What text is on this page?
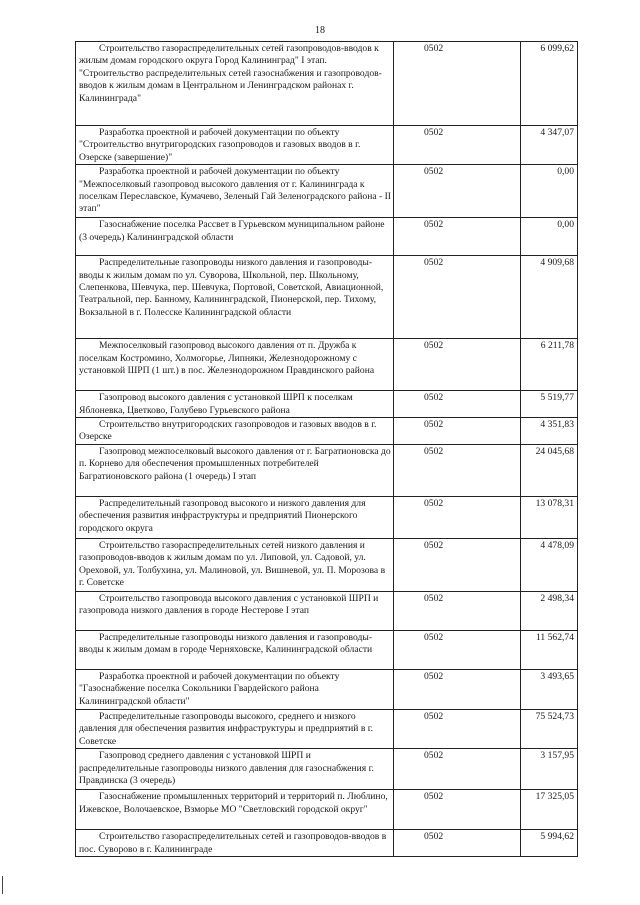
18
Строительство газораспределительных сетей газопроводов-вводов к жилым домам городского округа Город Калининград" I этап. "Строительство распределительных сетей газоснабжения и газопроводов-вводов к жилым домам в Центральном и Ленинградском районах г. Калининграда"	0502	6 099,62
Разработка проектной и рабочей документации по объекту "Строительство внутригородских газопроводов и газовых вводов в г. Озерске (завершение)"	0502	4 347,07
Разработка проектной и рабочей документации по объекту "Межпоселковый газопровод высокого давления от г. Калининграда к поселкам Переславское, Кумачево, Зеленый Гай Зеленоградского района - II этап"	0502	0,00
Газоснабжение поселка Рассвет в Гурьевском муниципальном районе (3 очередь) Калининградской области	0502	0,00
Распределительные газопроводы низкого давления и газопроводы-вводы к жилым домам по ул. Суворова, Школьной, пер. Школьному, Слепенкова, Шевчука, пер. Шевчука, Портовой, Советской, Авиационной, Театральной, пер. Банному, Калининградской, Пионерской, пер. Тихому, Вокзальной в г. Полесске Калининградской области	0502	4 909,68
Межпоселковый газопровод высокого давления от п. Дружба к поселкам Костромино, Холмогорье, Липняки, Железнодорожному с установкой ШРП (1 шт.) в пос. Железнодорожном Правдинского района	0502	6 211,78
Газопровод высокого давления с установкой ШРП к поселкам Яблоневка, Цветково, Голубево Гурьевского района	0502	5 519,77
Строительство внутригородских газопроводов и газовых вводов в г. Озерске	0502	4 351,83
Газопровод межпоселковый высокого давления от г. Багратионовска до п. Корнево для обеспечения промышленных потребителей Багратионовского района (1 очередь) I этап	0502	24 045,68
Распределительный газопровод высокого и низкого давления для обеспечения развития инфраструктуры и предприятий Пионерского городского округа	0502	13 078,31
Строительство газораспределительных сетей низкого давления и газопроводов-вводов к жилым домам по ул. Липовой, ул. Садовой, ул. Ореховой, ул. Толбухина, ул. Малиновой, ул. Вишневой, ул. П. Морозова в г. Советске	0502	4 478,09
Строительство газопровода высокого давления с установкой ШРП и газопровода низкого давления в городе Нестерове I этап	0502	2 498,34
Распределительные газопроводы низкого давления и газопроводы-вводы к жилым домам в городе Черняховске, Калининградской области	0502	11 562,74
Разработка проектной и рабочей документации по объекту "Газоснабжение поселка Сокольники Гвардейского района Калининградской области"	0502	3 493,65
Распределительные газопроводы высокого, среднего и низкого давления для обеспечения развития инфраструктуры и предприятий в г. Советске	0502	75 524,73
Газопровод среднего давления с установкой ШРП и распределительные газопроводы низкого давления для газоснабжения г. Правдинска (3 очередь)	0502	3 157,95
Газоснабжение промышленных территорий и территорий п. Люблино, Ижевское, Волочаевское, Взморье МО "Светловский городской округ"	0502	17 325,05
Строительство газораспределительных сетей и газопроводов-вводов в пос. Суворово в г. Калининграде	0502	5 994,62
